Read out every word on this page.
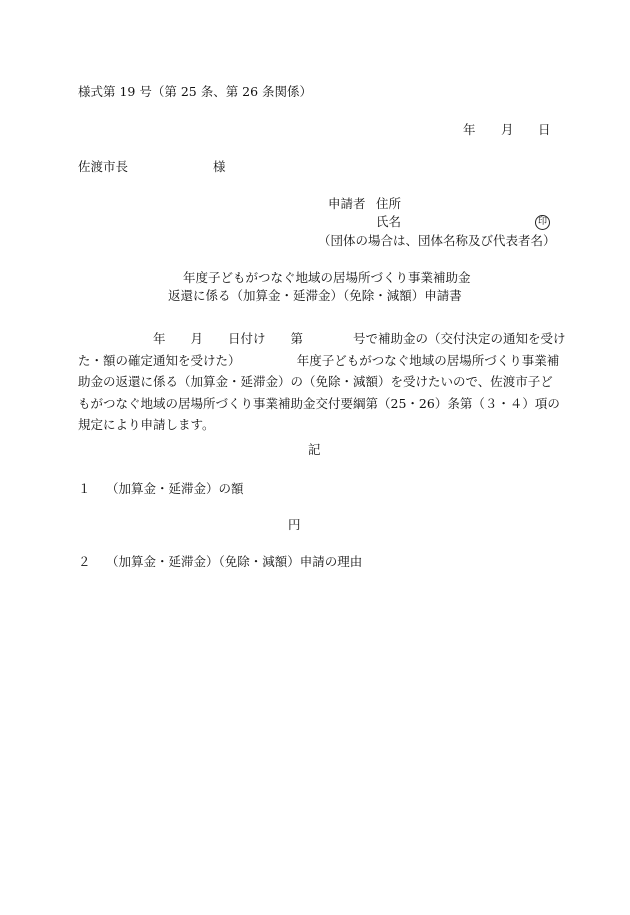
様式第 19 号（第 25 条、第 26 条関係）
年 月 日
佐渡市長	様
申請者 住所
氏名	印
（団体の場合は、団体名称及び代表者名）
年度子どもがつなぐ地域の居場所づくり事業補助金
返還に係る（加算金・延滞金）（免除・減額）申請書
　　　　　　年　　月　　日付け　　第　　　　号で補助金の（交付決定の通知を受け
た・額の確定通知を受けた）　　　　　年度子どもがつなぐ地域の居場所づくり事業補
助金の返還に係る（加算金・延滞金）の（免除・減額）を受けたいので、佐渡市子ど
もがつなぐ地域の居場所づくり事業補助金交付要綱第（25・26）条第（３・４）項の
規定により申請します。
記
１ （加算金・延滞金）の額
円
２ （加算金・延滞金）（免除・減額）申請の理由
